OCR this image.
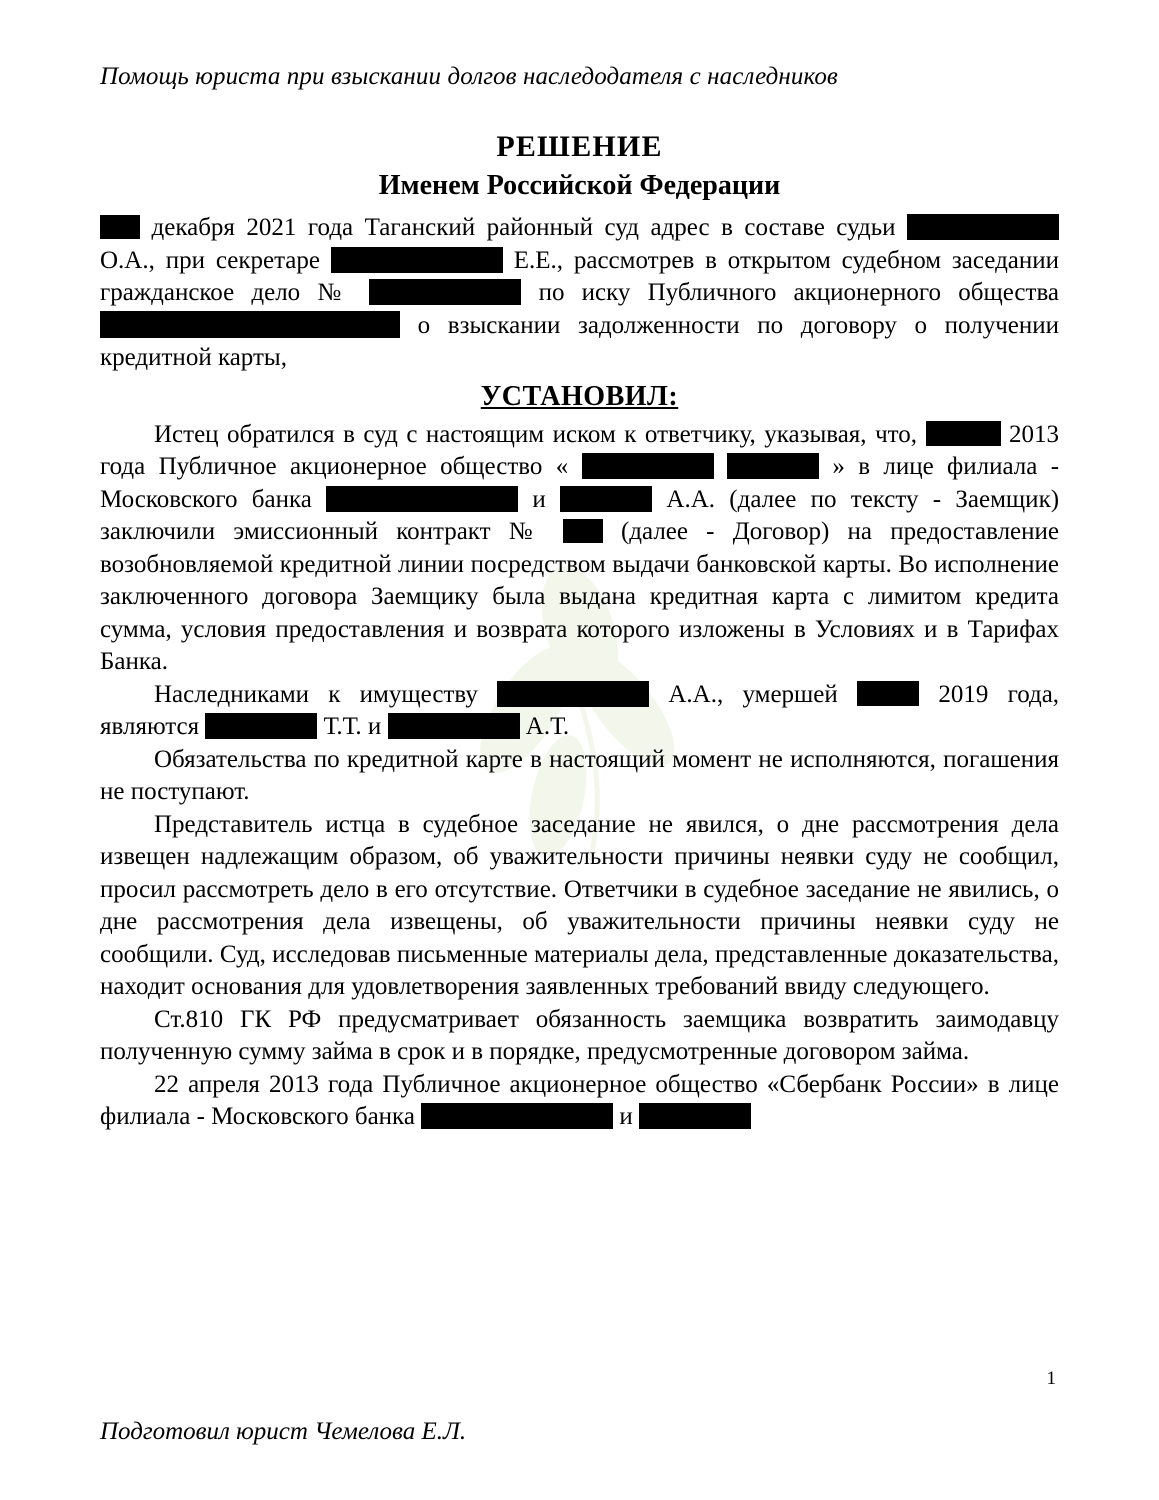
Помощь юриста при взыскании долгов наследодателя с наследников
РЕШЕНИЕ
Именем Российской Федерации

декабря 2021 года Таганский районный суд адрес в составе судьи  О.А., при секретаре	Е.Е., рассмотрев в открытом судебном заседании гражданское дело №	по иску Публичного акционерного общества  о взыскании задолженности по договору о получении кредитной карты,

УСТАНОВИЛ:

Истец обратился в суд с настоящим иском к ответчику, указывая, что,	2013 года Публичное акционерное общество «	» в лице филиала - Московского банка	и	А.А. (далее по тексту - Заемщик) заключили эмиссионный контракт №	(далее - Договор) на предоставление возобновляемой кредитной линии посредством выдачи банковской карты. Во исполнение заключенного договора Заемщику была выдана кредитная карта с лимитом кредита сумма, условия предоставления и возврата которого изложены в Условиях и в Тарифах Банка.

Наследниками к имуществу	А.А., умершей	2019 года, являются	Т.Т. и	А.Т.

Обязательства по кредитной карте в настоящий момент не исполняются, погашения не поступают.

Представитель истца в судебное заседание не явился, о дне рассмотрения дела извещен надлежащим образом, об уважительности причины неявки суду не сообщил, просил рассмотреть дело в его отсутствие. Ответчики в судебное заседание не явились, о дне рассмотрения дела извещены, об уважительности причины неявки суду не сообщили. Суд, исследовав письменные материалы дела, представленные доказательства, находит основания для удовлетворения заявленных требований ввиду следующего.

Ст.810 ГК РФ предусматривает обязанность заемщика возвратить заимодавцу полученную сумму займа в срок и в порядке, предусмотренные договором займа.

22 апреля 2013 года Публичное акционерное общество «Сбербанк России» в лице филиала - Московского банка	и

1
Подготовил юрист Чемелова Е.Л.
